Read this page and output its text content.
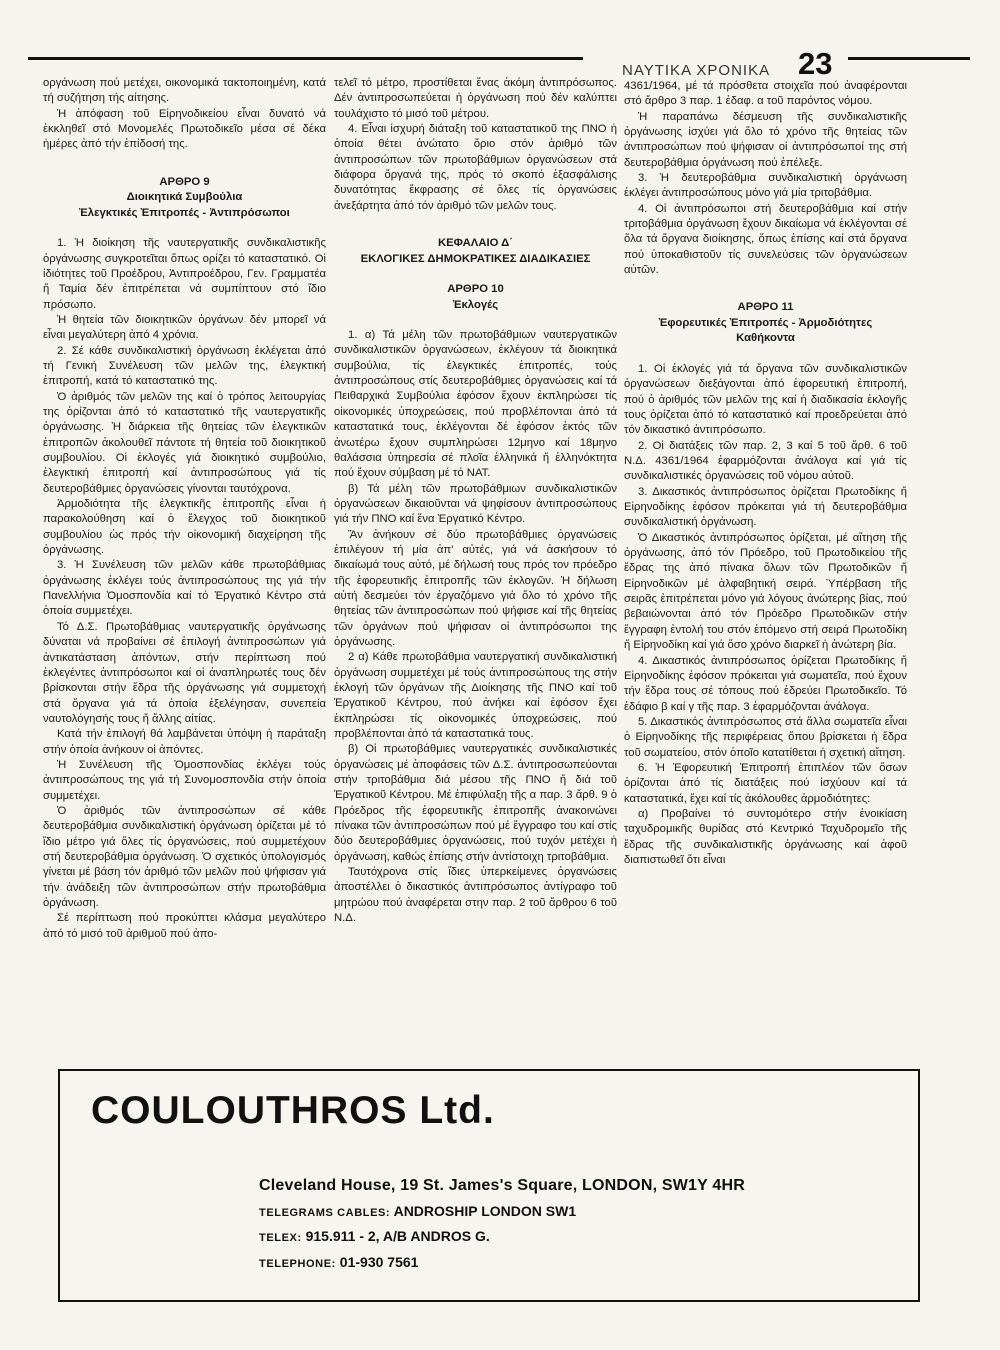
ΝΑΥΤΙΚΑ ΧΡΟΝΙΚΑ 23

οργάνωση πού μετέχει, οικονομικά τακτοποιημένη, κατά τή συζήτηση τής αίτησης.

Ἡ ἀπόφαση τοῦ Εἰρηνοδικείου εἶναι δυνατό νά ἐκκληθεῖ στό Μονομελές Πρωτοδικεῖο μέσα σέ δέκα ἡμέρες ἀπό τήν ἐπίδοσή της.

ΑΡΘΡΟ 9

Διοικητικά Συμβούλια

Ἐλεγκτικές Ἐπιτροπές - Ἀντιπρόσωποι

1. Ἡ διοίκηση τῆς ναυτεργατικῆς συνδικαλιστικῆς ὀργάνωσης συγκροτεῖται ὅπως ορίζει τό καταστατικό. Οἱ ἰδιότητες τοῦ Προέδρου, Ἀντιπροέδρου, Γεν. Γραμματέα ἤ Ταμία δέν ἐπιτρέπεται νά συμπίπτουν στό ἴδιο πρόσωπο.

Ἡ θητεία τῶν διοικητικῶν ὀργάνων δέν μπορεῖ νά εἶναι μεγαλύτερη ἀπό 4 χρόνια.

2. Σέ κάθε συνδικαλιστική ὀργάνωση ἐκλέγεται ἀπό τή Γενική Συνέλευση τῶν μελῶν της, ἐλεγκτική ἐπιτροπή, κατά τό καταστατικό της.

Ὁ ἀριθμός τῶν μελῶν της καί ὁ τρόπος λειτουργίας της ὁρίζονται ἀπό τό καταστατικό τῆς ναυτεργατικῆς ὀργάνωσης. Ἡ διάρκεια τῆς θητείας τῶν ἐλεγκτικῶν ἐπιτροπῶν ἀκολουθεῖ πάντοτε τή θητεία τοῦ διοικητικοῦ συμβουλίου. Οἱ ἐκλογές γιά διοικητικό συμβούλιο, ἐλεγκτική ἐπιτροπή καί ἀντιπροσώπους γιά τίς δευτεροβάθμιες ὀργανώσεις γίνονται ταυτόχρονα.

Ἀρμοδιότητα τῆς ἐλεγκτικῆς ἐπιτροπῆς εἶναι ἡ παρακολούθηση καί ὁ ἔλεγχος τοῦ διοικητικοῦ συμβουλίου ὡς πρός τήν οἰκονομική διαχείρηση τῆς ὀργάνωσης.

3. Ἡ Συνέλευση τῶν μελῶν κάθε πρωτοβάθμιας ὀργάνωσης ἐκλέγει τούς ἀντιπροσώπους της γιά τήν Πανελλήνια Ὁμοσπονδία καί τό Ἐργατικό Κέντρο στά ὁποία συμμετέχει.

Τό Δ.Σ. Πρωτοβάθμιας ναυτεργατικῆς ὀργάνωσης δύναται νά προβαίνει σέ ἐπιλογή ἀντιπροσώπων γιά ἀντικατάσταση ἀπόντων, στήν περίπτωση πού ἐκλεγέντες ἀντιπρόσωποι καί οἱ ἀναπληρωτές τους δέν βρίσκονται στήν ἕδρα τῆς ὀργάνωσης γιά συμμετοχή στά ὄργανα γιά τά ὁποία ἐξελέγησαν, συνεπεία ναυτολόγησής τους ἤ ἄλλης αἰτίας.

Κατά τήν ἐπιλογή θά λαμβάνεται ὑπόψη ἡ παράταξη στήν ὁποία ἀνήκουν οἱ ἀπόντες.

Ἡ Συνέλευση τῆς Ὁμοσπονδίας ἐκλέγει τούς ἀντιπροσώπους της γιά τή Συνομοσπονδία στήν ὁποία συμμετέχει.

Ὁ ἀριθμός τῶν ἀντιπροσώπων σέ κάθε δευτεροβάθμια συνδικαλιστική ὀργάνωση ὁρίζεται μέ τό ἴδιο μέτρο γιά ὅλες τίς ὀργανώσεις, πού συμμετέχουν στή δευτεροβάθμια ὀργάνωση. Ὁ σχετικός ὑπολογισμός γίνεται μέ βάση τόν ἀριθμό τῶν μελῶν πού ψήφισαν γιά τήν ἀνάδειξη τῶν ἀντιπροσώπων στήν πρωτοβάθμια ὀργάνωση.

Σέ περίπτωση πού προκύπτει κλάσμα μεγαλύτερο ἀπό τό μισό τοῦ ἀριθμοῦ πού ἀπο-

τελεῖ τό μέτρο, προστίθεται ἕνας ἀκόμη ἀντιπρόσωπος. Δέν ἀντιπροσωπεύεται ἡ ὀργάνωση πού δέν καλύπτει τουλάχιστο τό μισό τοῦ μέτρου.

4. Εἶναι ἰσχυρή διάταξη τοῦ καταστατικοῦ της ΠΝΟ ἡ ὁποία θέτει ἀνώτατο ὅριο στόν ἀριθμό τῶν ἀντιπροσώπων τῶν πρωτοβάθμιων ὀργανώσεων στά διάφορα ὄργανά της, πρός τό σκοπό ἐξασφάλισης δυνατότητας ἔκφρασης σέ ὅλες τίς ὀργανώσεις ἀνεξάρτητα ἀπό τόν ἀριθμό τῶν μελῶν τους.

ΚΕΦΑΛΑΙΟ Δ΄

ΕΚΛΟΓΙΚΕΣ ΔΗΜΟΚΡΑΤΙΚΕΣ ΔΙΑΔΙΚΑΣΙΕΣ

ΑΡΘΡΟ 10

Ἐκλογές

1. α) Τά μέλη τῶν πρωτοβάθμιων ναυτεργατικῶν συνδικαλιστικῶν ὀργανώσεων, ἐκλέγουν τά διοικητικά συμβούλια, τίς ἐλεγκτικές ἐπιτροπές, τούς ἀντιπροσώπους στίς δευτεροβάθμιες ὀργανώσεις καί τά Πειθαρχικά Συμβούλια ἐφόσον ἔχουν ἐκπληρώσει τίς οἰκονομικές ὑποχρεώσεις, πού προβλέπονται ἀπό τά καταστατικά τους, ἐκλέγονται δέ ἐφόσον ἐκτός τῶν ἀνωτέρω ἔχουν συμπληρώσει 12μηνο καί 18μηνο θαλάσσια ὑπηρεσία σέ πλοῖα ἑλληνικά ἤ ἑλληνόκτητα πού ἔχουν σύμβαση μέ τό ΝΑΤ.

β) Τά μέλη τῶν πρωτοβάθμιων συνδικαλιστικῶν ὀργανώσεων δικαιοῦνται νά ψηφίσουν ἀντιπροσώπους γιά τήν ΠΝΟ καί ἕνα Ἐργατικό Κέντρο.

Ἄν ἀνήκουν σέ δύο πρωτοβάθμιες ὀργανώσεις ἐπιλέγουν τή μία ἀπ' αὐτές, γιά νά ἀσκήσουν τό δικαίωμά τους αὐτό, μέ δήλωσή τους πρός τον πρόεδρο τῆς ἐφορευτικῆς ἐπιτροπῆς τῶν ἐκλογῶν. Ἡ δήλωση αὐτή δεσμεύει τόν ἐργαζόμενο γιά ὅλο τό χρόνο τῆς θητείας τῶν ἀντιπροσώπων πού ψήφισε καί τῆς θητείας τῶν ὀργάνων πού ψήφισαν οἱ ἀντιπρόσωποι της ὀργάνωσης.

2 α) Κάθε πρωτοβάθμια ναυτεργατική συνδικαλιστική ὀργάνωση συμμετέχει μέ τούς ἀντιπροσώπους της στήν ἐκλογή τῶν ὀργάνων τῆς Διοίκησης τῆς ΠΝΟ καί τοῦ Ἐργατικοῦ Κέντρου, πού ἀνήκει καί ἐφόσον ἔχει ἐκπληρώσει τίς οἰκονομικές ὑποχρεώσεις, πού προβλέπονται ἀπό τά καταστατικά τους.

β) Οἱ πρωτοβάθμιες ναυτεργατικές συνδικαλιστικές ὀργανώσεις μέ ἀποφάσεις τῶν Δ.Σ. ἀντιπροσωπεύονται στήν τριτοβάθμια διά μέσου τῆς ΠΝΟ ἤ διά τοῦ Ἐργατικοῦ Κέντρου. Μέ ἐπιφύλαξη τῆς α παρ. 3 ἄρθ. 9 ὁ Πρόεδρος τῆς ἐφορευτικῆς ἐπιτροπῆς ἀνακοινώνει πίνακα τῶν ἀντιπροσώπων πού μέ ἔγγραφο του καί στίς δύο δευτεροβάθμιες ὀργανώσεις, πού τυχόν μετέχει ἡ ὀργάνωση, καθώς ἐπίσης στήν ἀντίστοιχη τριτοβάθμια.

Ταυτόχρονα στίς ἴδιες ὑπερκείμενες ὀργανώσεις ἀποστέλλει ὁ δικαστικός ἀντιπρόσωπος ἀντίγραφο τοῦ μητρώου πού ἀναφέρεται στην παρ. 2 τοῦ ἄρθρου 6 τοῦ Ν.Δ.

4361/1964, μέ τά πρόσθετα στοιχεῖα πού ἀναφέρονται στό ἄρθρο 3 παρ. 1 ἐδαφ. α τοῦ παρόντος νόμου.

Ἡ παραπάνω δέσμευση τῆς συνδικαλιστικῆς ὀργάνωσης ἰσχύει γιά ὅλο τό χρόνο τῆς θητείας τῶν ἀντιπροσώπων πού ψήφισαν οἱ ἀντιπρόσωποί της στή δευτεροβάθμια ὀργάνωση πού ἐπέλεξε.

3. Ἡ δευτεροβάθμια συνδικαλιστική ὀργάνωση ἐκλέγει ἀντιπροσώπους μόνο γιά μία τριτοβάθμια.

4. Οἱ ἀντιπρόσωποι στή δευτεροβάθμια καί στήν τριτοβάθμια ὀργάνωση ἔχουν δικαίωμα νά ἐκλέγονται σέ ὅλα τά ὄργανα διοίκησης, ὅπως ἐπίσης καί στά ὄργανα πού ὑποκαθιστοῦν τίς συνελεύσεις τῶν ὀργανώσεων αὐτῶν.

ΑΡΘΡΟ 11

Ἐφορευτικές Ἐπιτροπές - Ἀρμοδιότητες

Καθήκοντα

1. Οἱ ἐκλογές γιά τά ὄργανα τῶν συνδικαλιστικῶν ὀργανώσεων διεξάγονται ἀπό ἐφορευτική ἐπιτροπή, πού ὁ ἀριθμός τῶν μελῶν της καί ἡ διαδικασία ἐκλογῆς τους ὁρίζεται ἀπό τό καταστατικό καί προεδρεύεται ἀπό τόν δικαστικό ἀντιπρόσωπο.

2. Οἱ διατάξεις τῶν παρ. 2, 3 καί 5 τοῦ ἄρθ. 6 τοῦ Ν.Δ. 4361/1964 ἐφαρμόζονται ἀνάλογα καί γιά τίς συνδικαλιστικές ὀργανώσεις τοῦ νόμου αὐτοῦ.

3. Δικαστικός ἀντιπρόσωπος ὁρίζεται Πρωτοδίκης ἤ Εἰρηνοδίκης ἐφόσον πρόκειται γιά τή δευτεροβάθμια συνδικαλιστική ὀργάνωση.

Ὁ Δικαστικός ἀντιπρόσωπος ὁρίζεται, μέ αἴτηση τῆς ὀργάνωσης, ἀπό τόν Πρόεδρο, τοῦ Πρωτοδικείου τῆς ἕδρας της ἀπό πίνακα ὅλων τῶν Πρωτοδικῶν ἤ Εἰρηνοδικῶν μέ ἀλφαβητική σειρά. Ὑπέρβαση τῆς σειρᾶς ἐπιτρέπεται μόνο γιά λόγους ἀνώτερης βίας, πού βεβαιώνονται ἀπό τόν Πρόεδρο Πρωτοδικῶν στήν ἔγγραφη ἐντολή του στόν ἑπόμενο στή σειρά Πρωτοδίκη ἤ Εἰρηνοδίκη καί γιά ὅσο χρόνο διαρκεῖ ἡ ἀνώτερη βία.

4. Δικαστικός ἀντιπρόσωπος ὁρίζεται Πρωτοδίκης ἤ Εἰρηνοδίκης ἐφόσον πρόκειται γιά σωματεῖα, πού ἔχουν τήν ἕδρα τους σέ τόπους πού ἑδρεύει Πρωτοδικεῖο. Τό ἐδάφιο β καί γ τῆς παρ. 3 ἐφαρμόζονται ἀνάλογα.

5. Δικαστικός ἀντιπρόσωπος στά ἄλλα σωματεῖα εἶναι ὁ Εἰρηνοδίκης τῆς περιφέρειας ὅπου βρίσκεται ἡ ἕδρα τοῦ σωματείου, στόν ὁποῖο κατατίθεται ἡ σχετική αἴτηση.

6. Ἡ Ἐφορευτική Ἐπιτροπή ἐπιπλέον τῶν ὅσων ὁρίζονται ἀπό τίς διατάξεις πού ἰσχύουν καί τά καταστατικά, ἔχει καί τίς ἀκόλουθες ἀρμοδιότητες:

α) Προβαίνει τό συντομότερο στήν ἐνοικίαση ταχυδρομικῆς θυρίδας στό Κεντρικό Ταχυδρομεῖο τῆς ἕδρας τῆς συνδικαλιστικῆς ὀργάνωσης καί ἀφοῦ διαπιστωθεῖ ὅτι εἶναι

COULOUTHROS Ltd.
Cleveland House, 19 St. James's Square, LONDON, SW1Y 4HR
TELEGRAMS CABLES: ANDROSHIP LONDON SW1
TELEX: 915.911 - 2, A/B ANDROS G.
TELEPHONE: 01-930 7561
